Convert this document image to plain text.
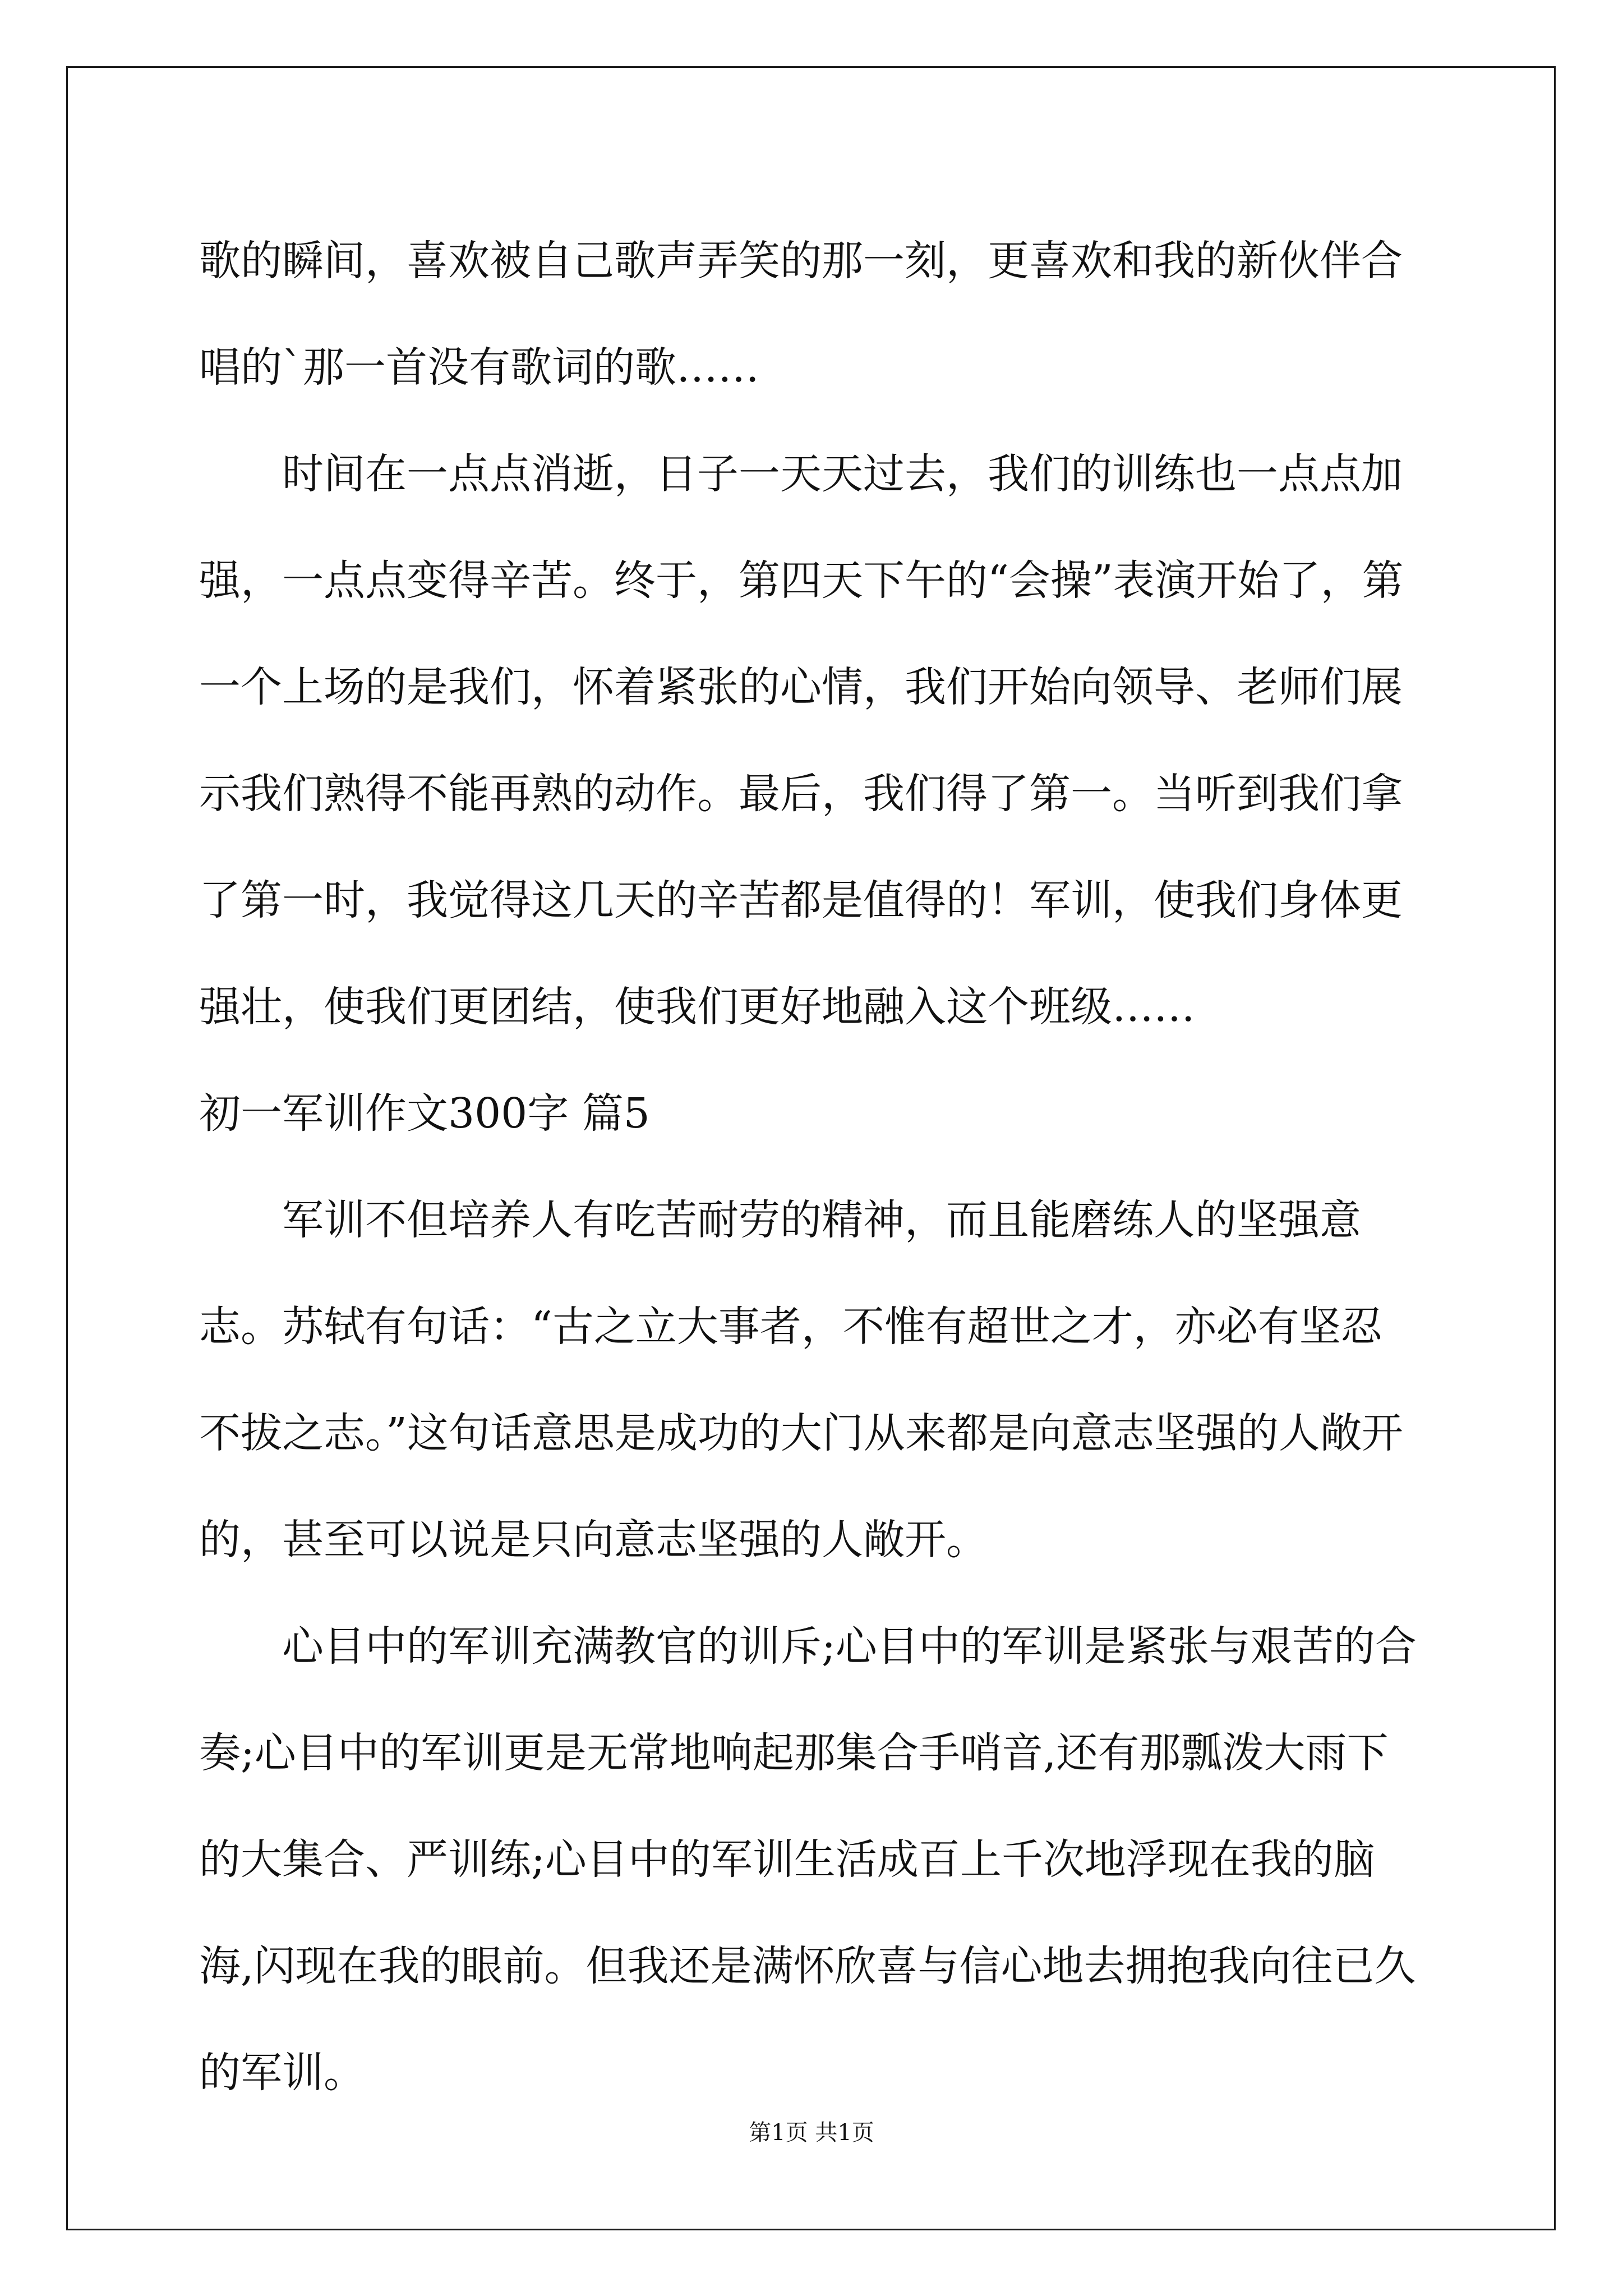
歌的瞬间，喜欢被自己歌声弄笑的那一刻，更喜欢和我的新伙伴合唱的`那一首没有歌词的歌……

时间在一点点消逝，日子一天天过去，我们的训练也一点点加强，一点点变得辛苦。终于，第四天下午的“会操”表演开始了，第一个上场的是我们，怀着紧张的心情，我们开始向领导、老师们展示我们熟得不能再熟的动作。最后，我们得了第一。当听到我们拿了第一时，我觉得这几天的辛苦都是值得的！军训，使我们身体更强壮，使我们更团结，使我们更好地融入这个班级……

初一军训作文300字 篇5

军训不但培养人有吃苦耐劳的精神，而且能磨练人的坚强意志。苏轼有句话：“古之立大事者，不惟有超世之才，亦必有坚忍不拔之志。”这句话意思是成功的大门从来都是向意志坚强的人敞开的，甚至可以说是只向意志坚强的人敞开。

心目中的军训充满教官的训斥;心目中的军训是紧张与艰苦的合奏;心目中的军训更是无常地响起那集合手哨音,还有那瓢泼大雨下的大集合、严训练;心目中的军训生活成百上千次地浮现在我的脑海,闪现在我的眼前。但我还是满怀欣喜与信心地去拥抱我向往已久的军训。

第1页 共1页
